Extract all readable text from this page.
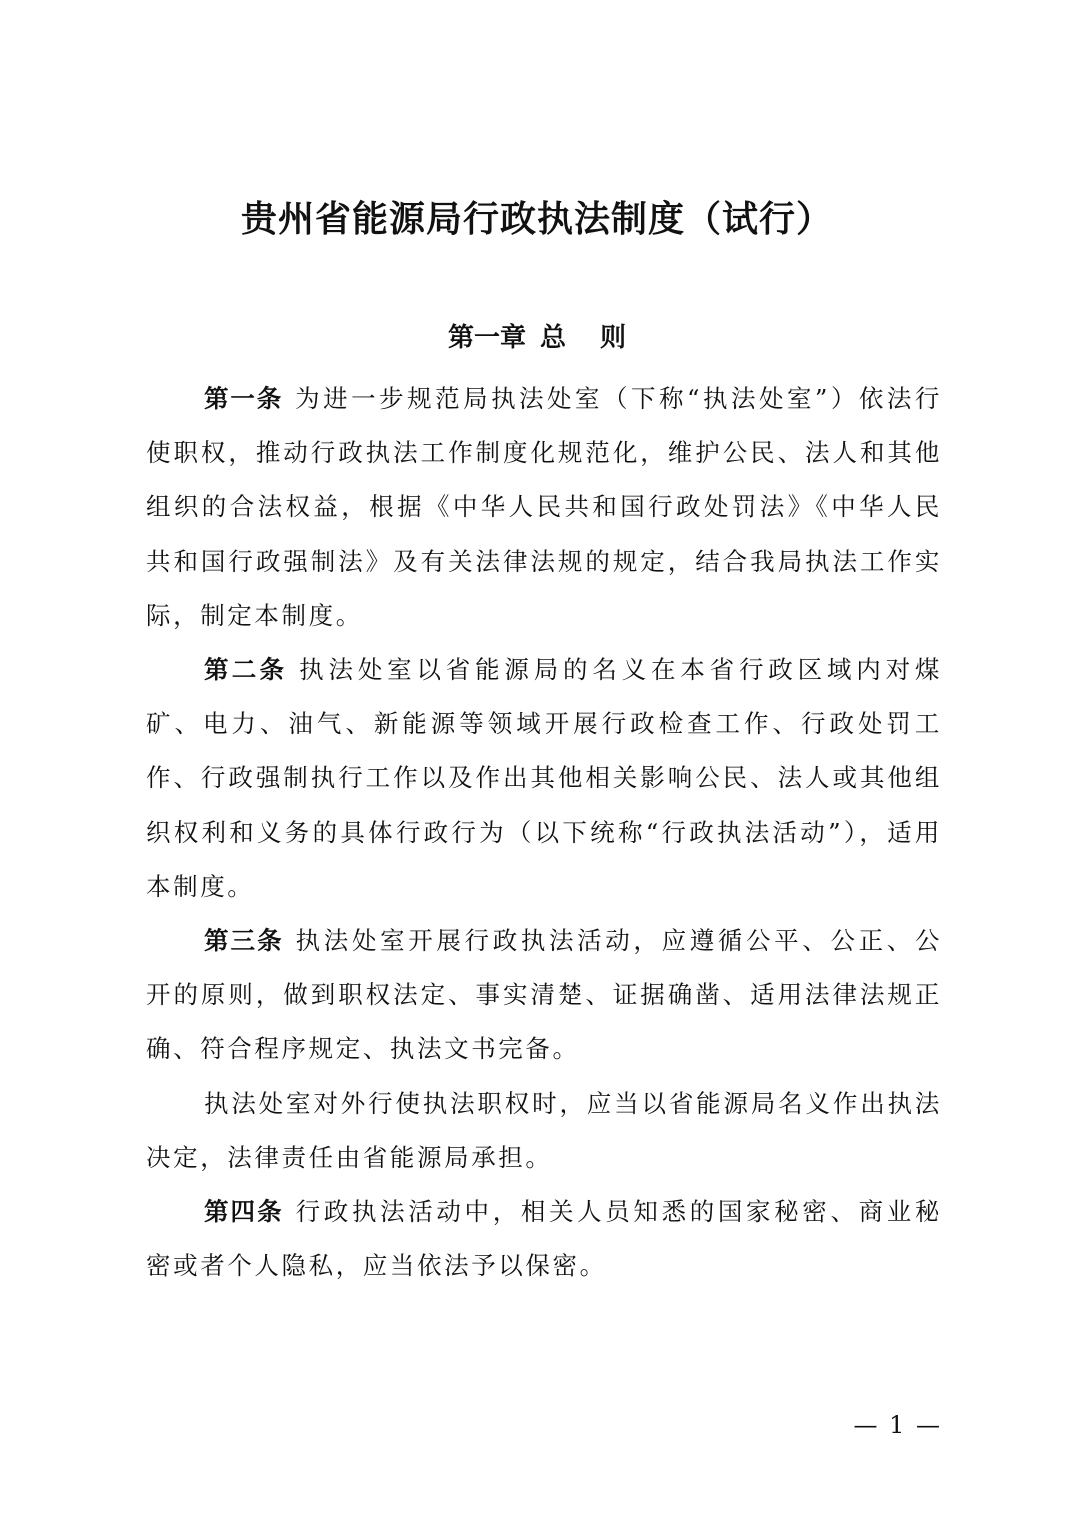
贵州省能源局行政执法制度（试行）
第一章 总 则

第一条 为进一步规范局执法处室（下称“执法处室”）依法行使职权，推动行政执法工作制度化规范化，维护公民、法人和其他组织的合法权益，根据《中华人民共和国行政处罚法》《中华人民共和国行政强制法》及有关法律法规的规定，结合我局执法工作实际，制定本制度。

第二条 执法处室以省能源局的名义在本省行政区域内对煤矿、电力、油气、新能源等领域开展行政检查工作、行政处罚工作、行政强制执行工作以及作出其他相关影响公民、法人或其他组织权利和义务的具体行政行为（以下统称“行政执法活动”），适用本制度。

第三条 执法处室开展行政执法活动，应遵循公平、公正、公开的原则，做到职权法定、事实清楚、证据确凿、适用法律法规正确、符合程序规定、执法文书完备。

执法处室对外行使执法职权时，应当以省能源局名义作出执法决定，法律责任由省能源局承担。

第四条 行政执法活动中，相关人员知悉的国家秘密、商业秘密或者个人隐私，应当依法予以保密。

— 1 —
